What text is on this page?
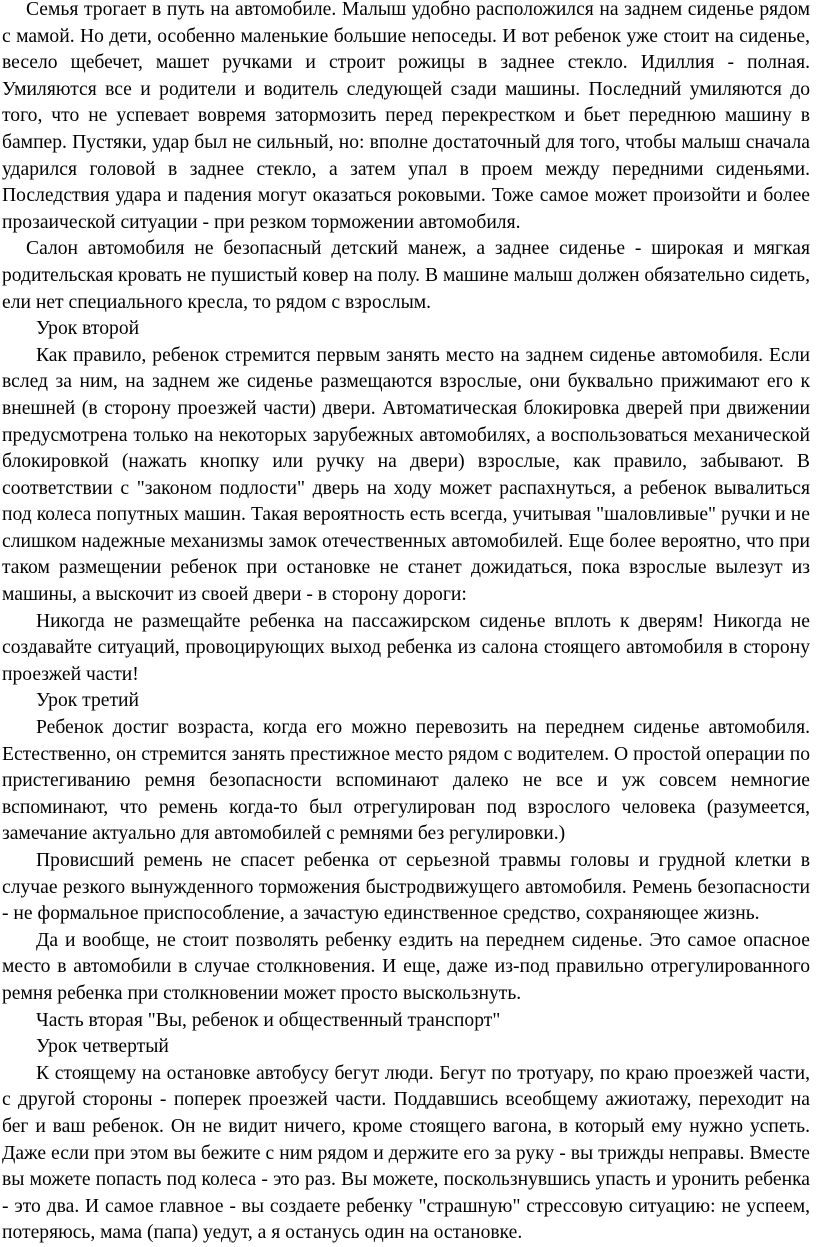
Семья трогает в путь на автомобиле. Малыш удобно расположился на заднем сиденье рядом с мамой. Но дети, особенно маленькие большие непоседы. И вот ребенок уже стоит на сиденье, весело щебечет, машет ручками и строит рожицы в заднее стекло. Идиллия - полная. Умиляются все и родители и водитель следующей сзади машины. Последний умиляются до того, что не успевает вовремя затормозить перед перекрестком и бьет переднюю машину в бампер. Пустяки, удар был не сильный, но: вполне достаточный для того, чтобы малыш сначала ударился головой в заднее стекло, а затем упал в проем между передними сиденьями. Последствия удара и падения могут оказаться роковыми. Тоже самое может произойти и более прозаической ситуации - при резком торможении автомобиля.

Салон автомобиля не безопасный детский манеж, а заднее сиденье - широкая и мягкая родительская кровать не пушистый ковер на полу. В машине малыш должен обязательно сидеть, ели нет специального кресла, то рядом с взрослым.

Урок второй

Как правило, ребенок стремится первым занять место на заднем сиденье автомобиля. Если вслед за ним, на заднем же сиденье размещаются взрослые, они буквально прижимают его к внешней (в сторону проезжей части) двери. Автоматическая блокировка дверей при движении предусмотрена только на некоторых зарубежных автомобилях, а воспользоваться механической блокировкой (нажать кнопку или ручку на двери) взрослые, как правило, забывают. В соответствии с "законом подлости" дверь на ходу может распахнуться, а ребенок вывалиться под колеса попутных машин. Такая вероятность есть всегда, учитывая "шаловливые" ручки и не слишком надежные механизмы замок отечественных автомобилей. Еще более вероятно, что при таком размещении ребенок при остановке не станет дожидаться, пока взрослые вылезут из машины, а выскочит из своей двери - в сторону дороги:

Никогда не размещайте ребенка на пассажирском сиденье вплоть к дверям! Никогда не создавайте ситуаций, провоцирующих выход ребенка из салона стоящего автомобиля в сторону проезжей части!

Урок третий

Ребенок достиг возраста, когда его можно перевозить на переднем сиденье автомобиля. Естественно, он стремится занять престижное место рядом с водителем. О простой операции по пристегиванию ремня безопасности вспоминают далеко не все и уж совсем немногие вспоминают, что ремень когда-то был отрегулирован под взрослого человека (разумеется, замечание актуально для автомобилей с ремнями без регулировки.)

Провисший ремень не спасет ребенка от серьезной травмы головы и грудной клетки в случае резкого вынужденного торможения быстродвижущего автомобиля. Ремень безопасности - не формальное приспособление, а зачастую единственное средство, сохраняющее жизнь.

Да и вообще, не стоит позволять ребенку ездить на переднем сиденье. Это самое опасное место в автомобили в случае столкновения. И еще, даже из-под правильно отрегулированного ремня ребенка при столкновении может просто выскользнуть.

Часть вторая "Вы, ребенок и общественный транспорт"

Урок четвертый

К стоящему на остановке автобусу бегут люди. Бегут по тротуару, по краю проезжей части, с другой стороны - поперек проезжей части. Поддавшись всеобщему ажиотажу, переходит на бег и ваш ребенок. Он не видит ничего, кроме стоящего вагона, в который ему нужно успеть. Даже если при этом вы бежите с ним рядом и держите его за руку - вы трижды неправы. Вместе вы можете попасть под колеса - это раз. Вы можете, поскользнувшись упасть и уронить ребенка - это два. И самое главное - вы создаете ребенку "страшную" стрессовую ситуацию: не успеем, потеряюсь, мама (папа) уедут, а я останусь один на остановке.
